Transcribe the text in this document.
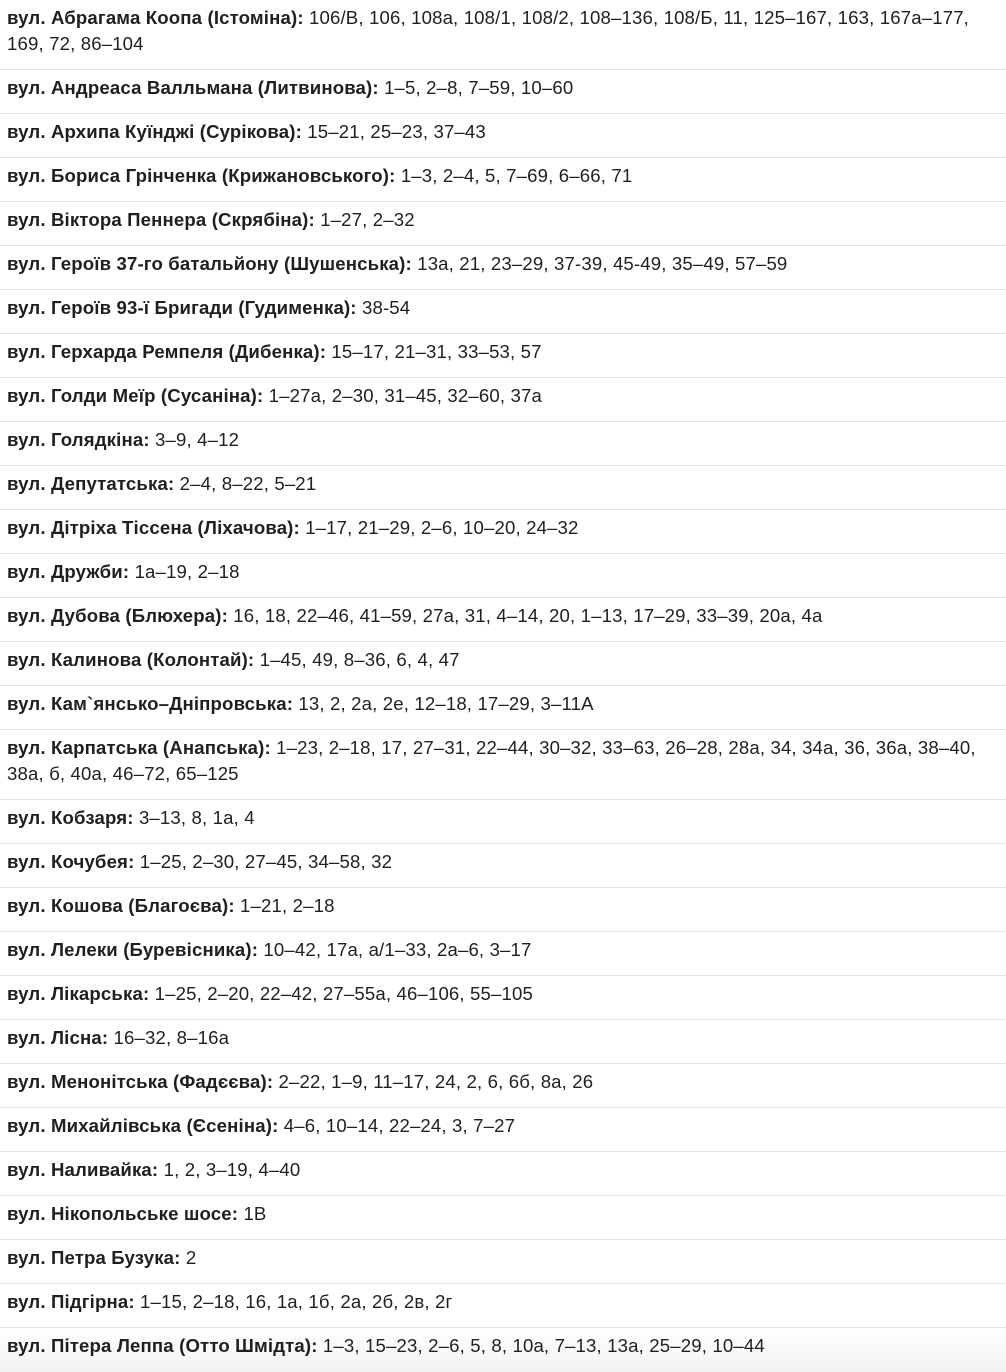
вул. Абрагама Коопа (Істоміна): 106/В, 106, 108а, 108/1, 108/2, 108–136, 108/Б, 11, 125–167, 163, 167а–177, 169, 72, 86–104
вул. Андреаса Валльмана (Литвинова): 1–5, 2–8, 7–59, 10–60
вул. Архипа Куїнджі (Сурікова): 15–21, 25–23, 37–43
вул. Бориса Грінченка (Крижановського): 1–3, 2–4, 5, 7–69, 6–66, 71
вул. Віктора Пеннера (Скрябіна): 1–27, 2–32
вул. Героїв 37-го батальйону (Шушенська): 13а, 21, 23–29, 37-39, 45-49, 35–49, 57–59
вул. Героїв 93-ї Бригади (Гудименка): 38-54
вул. Герхарда Ремпеля (Дибенка): 15–17, 21–31, 33–53, 57
вул. Голди Меїр (Сусаніна): 1–27а, 2–30, 31–45, 32–60, 37а
вул. Голядкіна: 3–9, 4–12
вул. Депутатська: 2–4, 8–22, 5–21
вул. Дітріха Тіссена (Ліхачова): 1–17, 21–29, 2–6, 10–20, 24–32
вул. Дружби: 1а–19, 2–18
вул. Дубова (Блюхера): 16, 18, 22–46, 41–59, 27а, 31, 4–14, 20, 1–13, 17–29, 33–39, 20а, 4а
вул. Калинова (Колонтай): 1–45, 49, 8–36, 6, 4, 47
вул. Кам`янсько–Дніпровська: 13, 2, 2а, 2е, 12–18, 17–29, 3–11А
вул. Карпатська (Анапська): 1–23, 2–18, 17, 27–31, 22–44, 30–32, 33–63, 26–28, 28а, 34, 34а, 36, 36а, 38–40, 38а, б, 40а, 46–72, 65–125
вул. Кобзаря: 3–13, 8, 1а, 4
вул. Кочубея: 1–25, 2–30, 27–45, 34–58, 32
вул. Кошова (Благоєва): 1–21, 2–18
вул. Лелеки (Буревісника): 10–42, 17а, а/1–33, 2а–6, 3–17
вул. Лікарська: 1–25, 2–20, 22–42, 27–55а, 46–106, 55–105
вул. Лісна: 16–32, 8–16а
вул. Менонітська (Фадєєва): 2–22, 1–9, 11–17, 24, 2, 6, 6б, 8а, 26
вул. Михайлівська (Єсеніна): 4–6, 10–14, 22–24, 3, 7–27
вул. Наливайка: 1, 2, 3–19, 4–40
вул. Нікопольське шосе: 1В
вул. Петра Бузука: 2
вул. Підгірна: 1–15, 2–18, 16, 1а, 1б, 2а, 2б, 2в, 2г
вул. Пітера Леппа (Отто Шмідта): 1–3, 15–23, 2–6, 5, 8, 10а, 7–13, 13а, 25–29, 10–44
